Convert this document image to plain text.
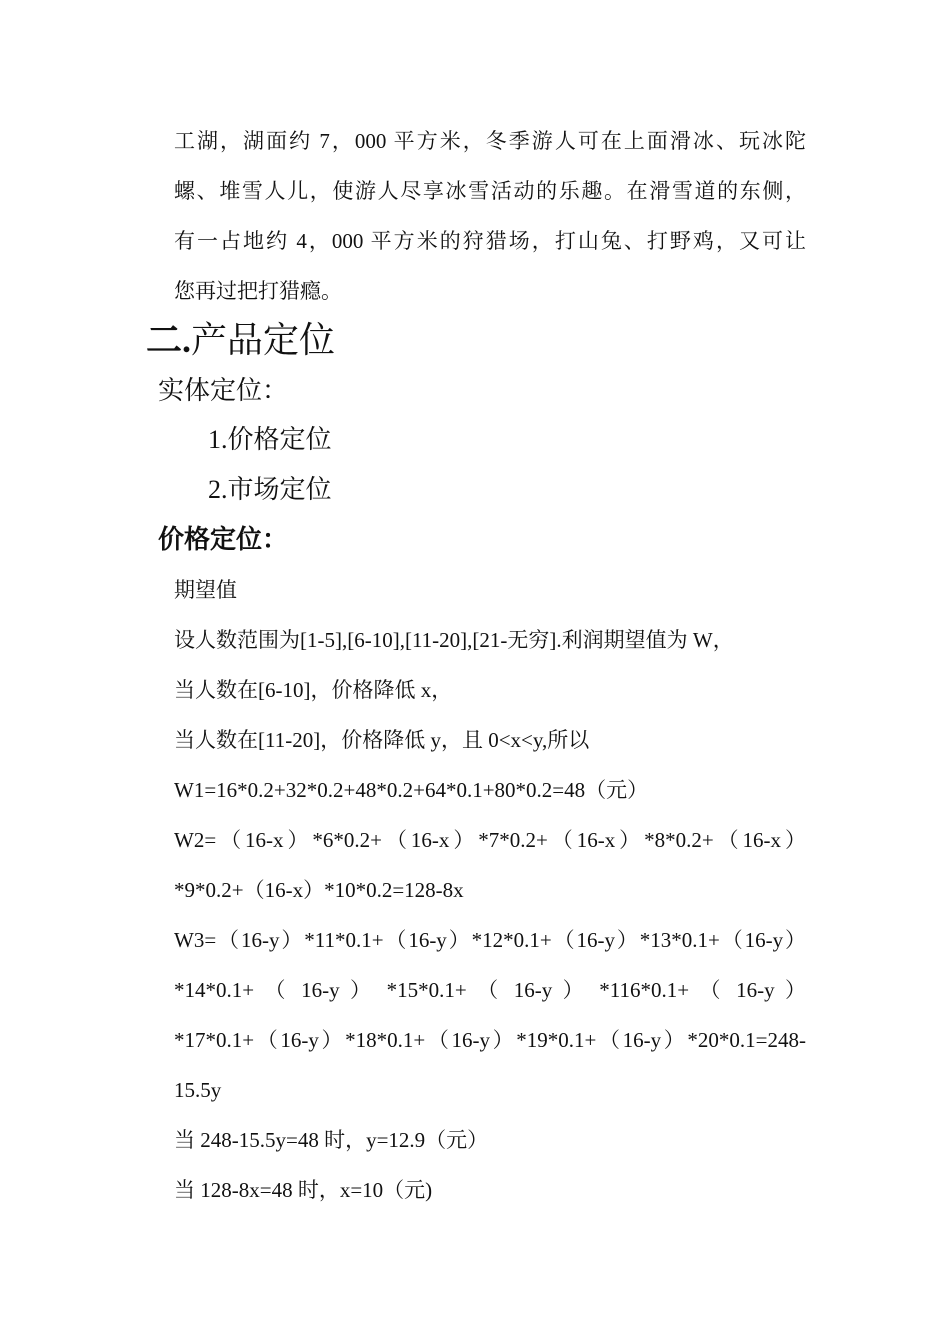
工湖，湖面约 7，000 平方米，冬季游人可在上面滑冰、玩冰陀
螺、堆雪人儿，使游人尽享冰雪活动的乐趣。在滑雪道的东侧，
有一占地约 4，000 平方米的狩猎场，打山兔、打野鸡，又可让
您再过把打猎瘾。
二.产品定位
实体定位：
1.价格定位
2.市场定位
价格定位：
期望值
设人数范围为[1-5],[6-10],[11-20],[21-无穷].利润期望值为 W，
当人数在[6-10]，价格降低 x，
当人数在[11-20]，价格降低 y，且 0<x<y,所以
W1=16*0.2+32*0.2+48*0.2+64*0.1+80*0.2=48（元）
W2=（16-x）*6*0.2+（16-x）*7*0.2+（16-x）*8*0.2+（16-x）
*9*0.2+（16-x）*10*0.2=128-8x
W3=（16-y）*11*0.1+（16-y）*12*0.1+（16-y）*13*0.1+（16-y）
*14*0.1+ （ 16-y ） *15*0.1+ （ 16-y ） *116*0.1+ （ 16-y ）
*17*0.1+（16-y）*18*0.1+（16-y）*19*0.1+（16-y）*20*0.1=248-
15.5y
当 248-15.5y=48 时，y=12.9（元）
当 128-8x=48 时，x=10（元)
